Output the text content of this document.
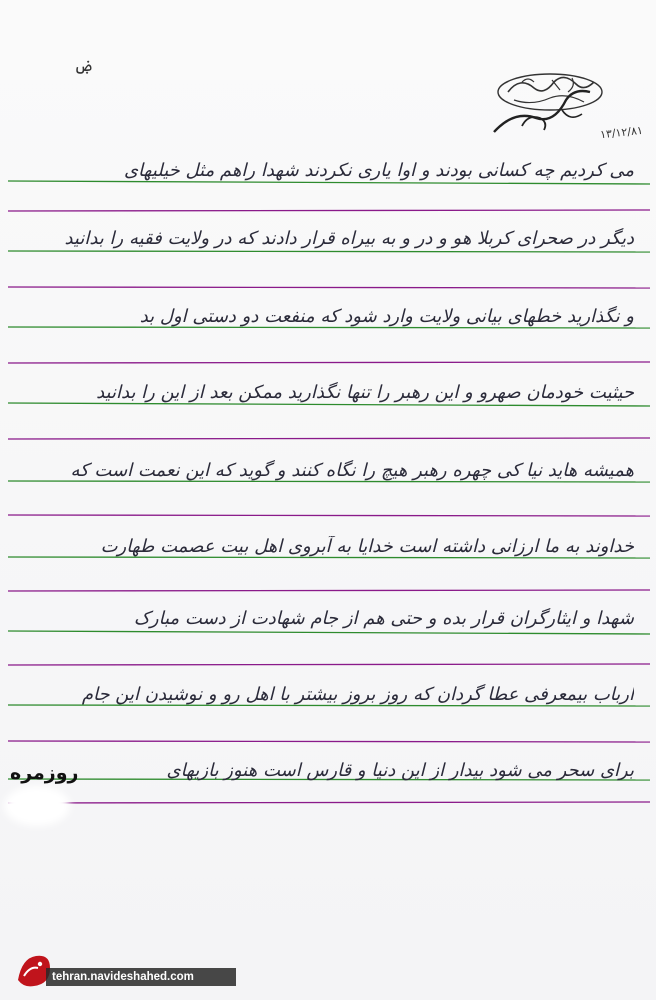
ۻ
۱۳/۱۲/۸۱
می کردیم چه کسانی بودند و اوا یاری نکردند شهدا راهم مثل خیلیهای
دیگر در صحرای کربلا هو و در و به بیراه قرار دادند که در ولایت فقیه را بدانید
و نگذارید خطهای بیانی ولایت وارد شود که منفعت دو دستی اول بد
حیثیت خودمان صهرو و این رهبر را تنها نگذارید ممکن بعد از این را بدانید
همیشه هاید نیا کی چهره رهبر هیچ را نگاه کنند و گوید که این نعمت است که
خداوند به ما ارزانی داشته است خدایا به آبروی اهل بیت عصمت طهارت
شهدا و ایثارگران قرار بده و حتی هم از جام شهادت از دست مبارک
ارباب بیمعرفی عطا گردان که روز بروز بیشتر با اهل رو و نوشیدن این جام
برای سحر می شود بیدار از این دنیا و قارس است هنوز بازیهای
روزمره
tehran.navideshahed.com
